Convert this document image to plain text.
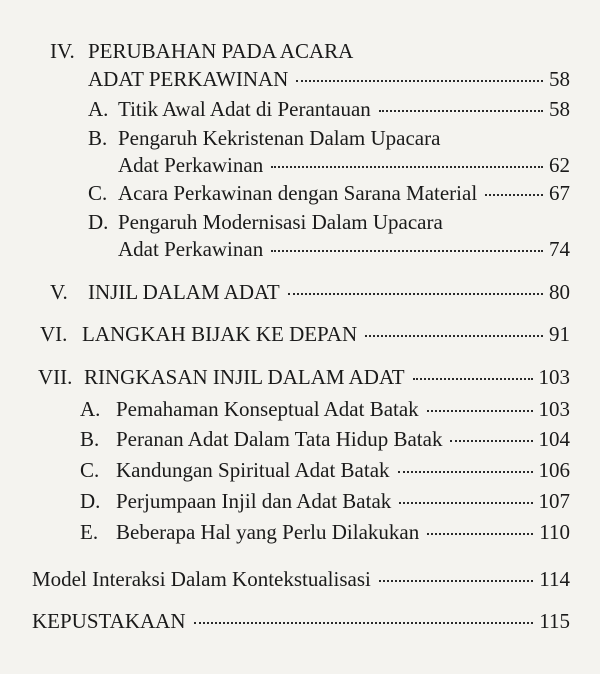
IV. PERUBAHAN PADA ACARA
ADAT PERKAWINAN	58
A. Titik Awal Adat di Perantauan	58
B. Pengaruh Kekristenan Dalam Upacara
Adat Perkawinan	62
C. Acara Perkawinan dengan Sarana Material	67
D. Pengaruh Modernisasi Dalam Upacara
Adat Perkawinan	74
V. INJIL DALAM ADAT	80
VI. LANGKAH BIJAK KE DEPAN	91
VII. RINGKASAN INJIL DALAM ADAT	103
A. Pemahaman Konseptual Adat Batak	103
B. Peranan Adat Dalam Tata Hidup Batak	104
C. Kandungan Spiritual Adat Batak	106
D. Perjumpaan Injil dan Adat Batak	107
E. Beberapa Hal yang Perlu Dilakukan	110
Model Interaksi Dalam Kontekstualisasi	114
KEPUSTAKAAN	115
